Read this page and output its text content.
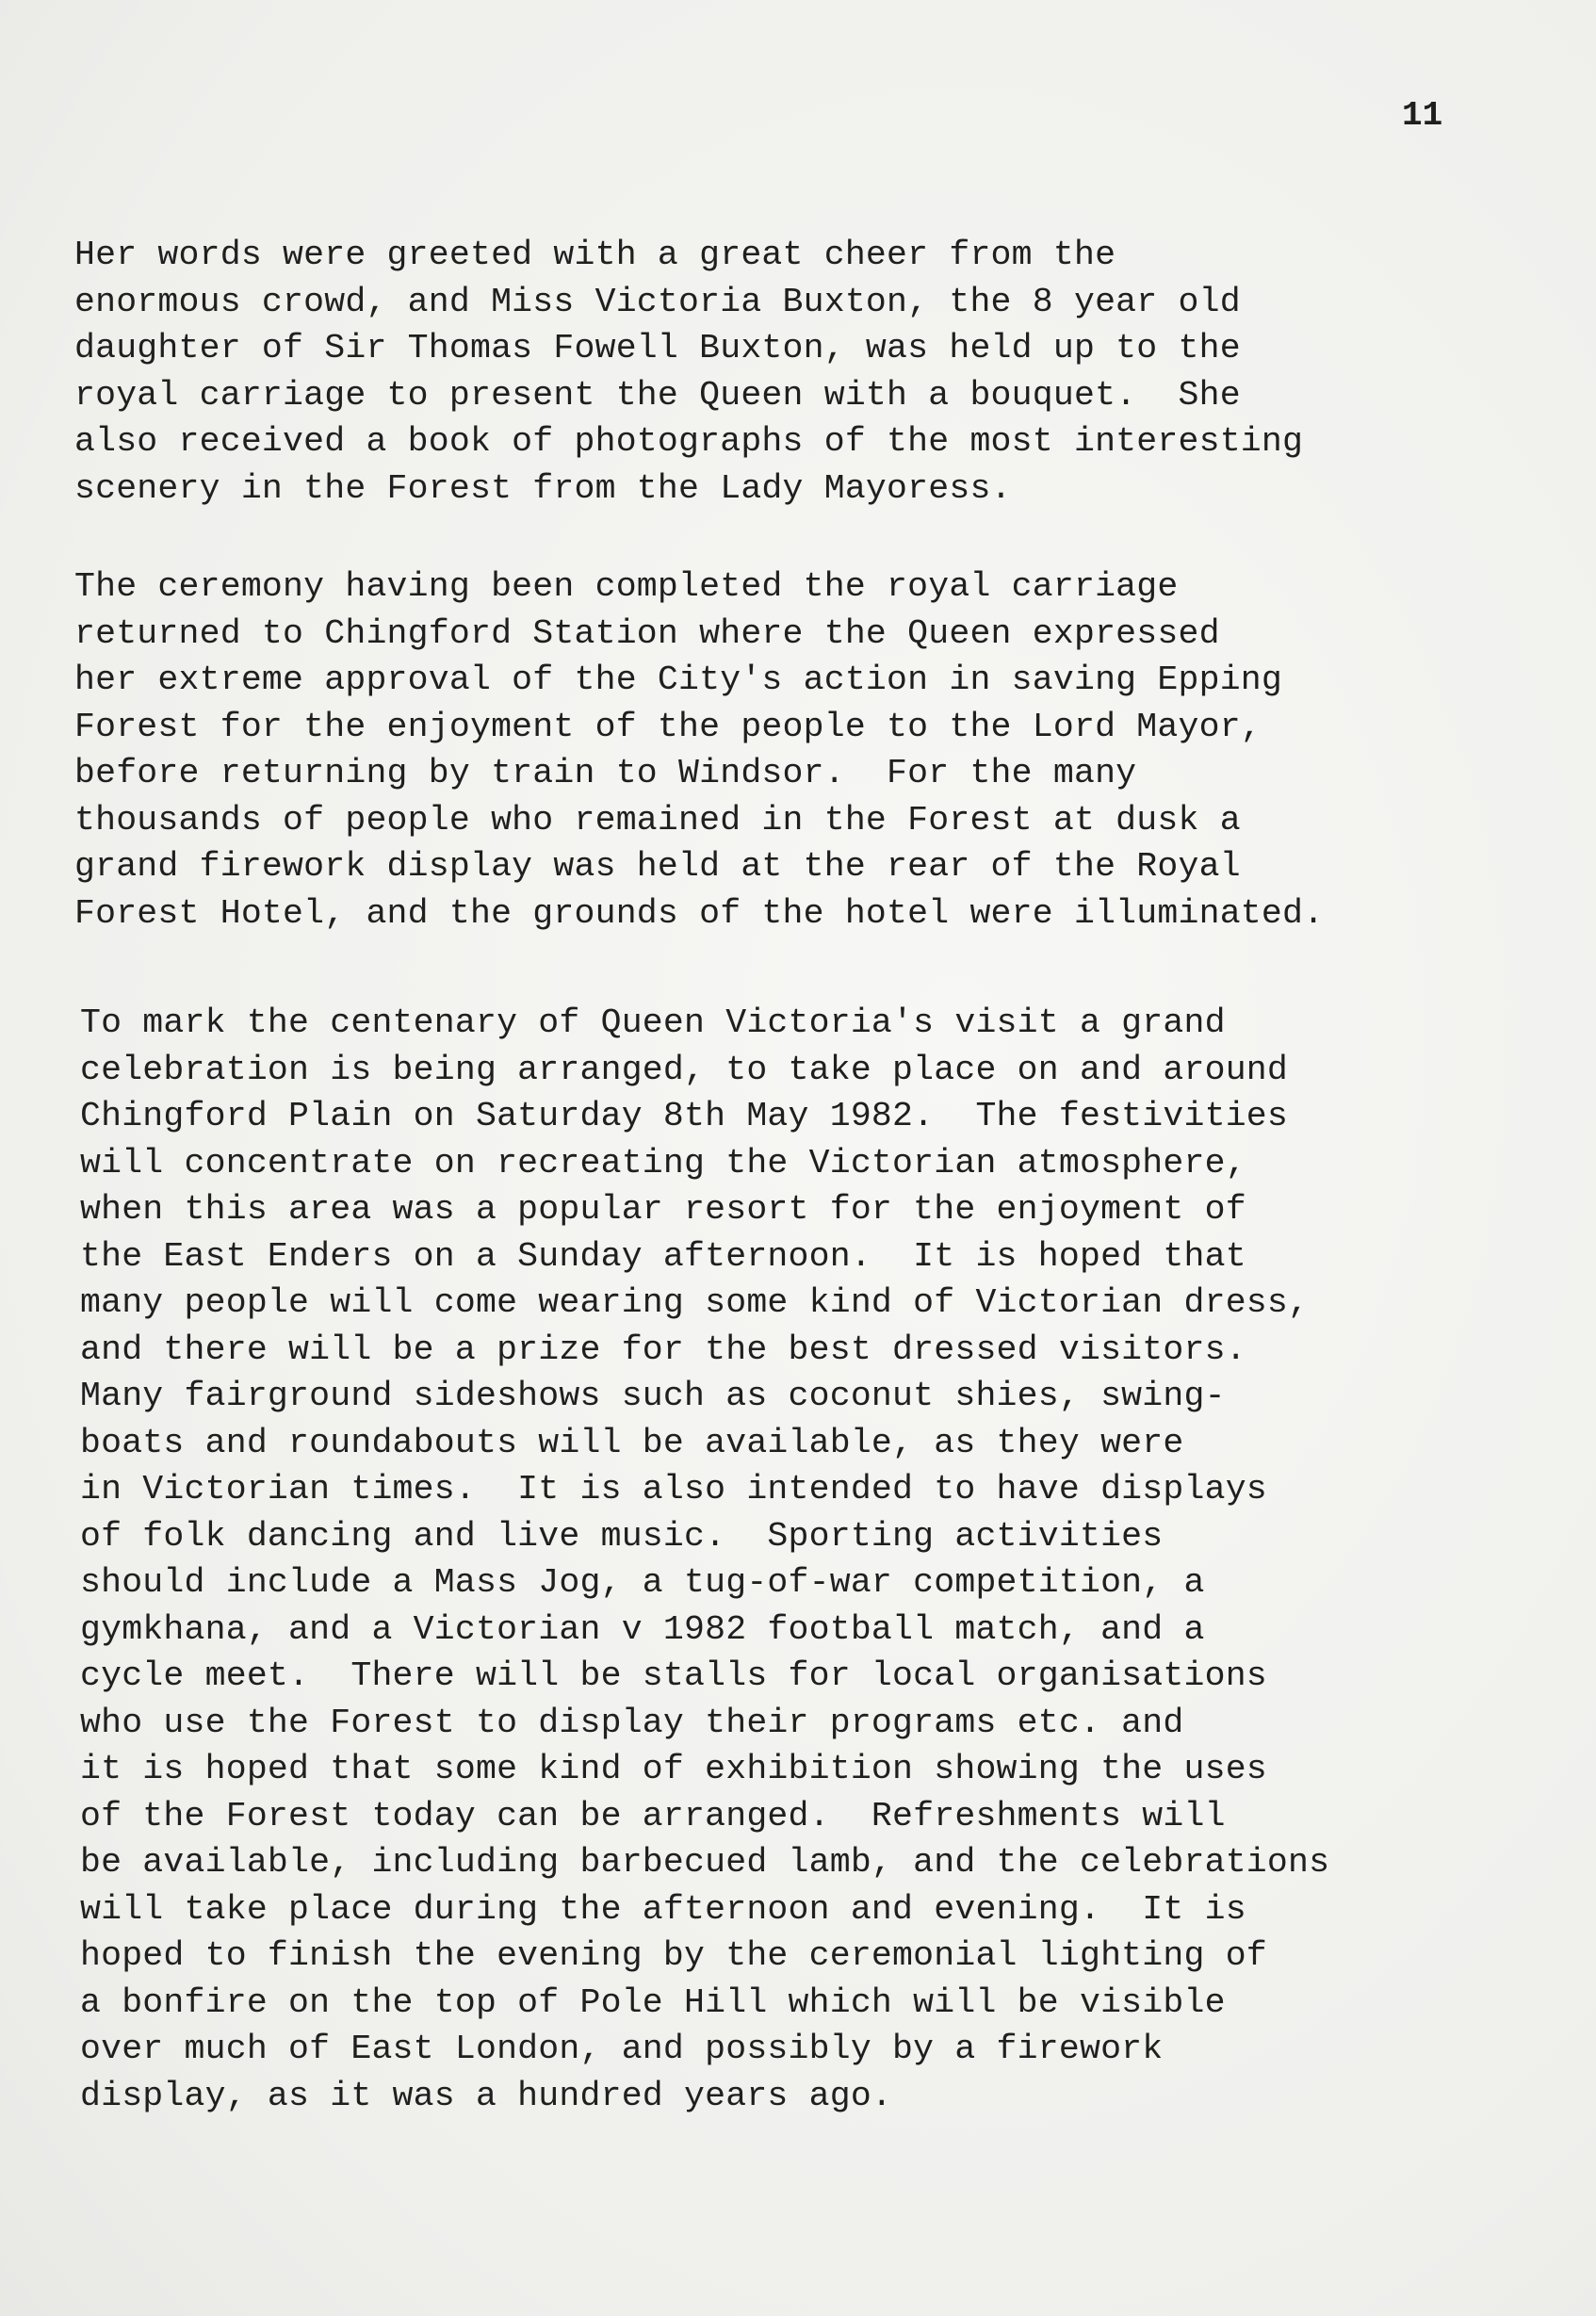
11
Her words were greeted with a great cheer from the
enormous crowd, and Miss Victoria Buxton, the 8 year old
daughter of Sir Thomas Fowell Buxton, was held up to the
royal carriage to present the Queen with a bouquet.  She
also received a book of photographs of the most interesting
scenery in the Forest from the Lady Mayoress.
The ceremony having been completed the royal carriage
returned to Chingford Station where the Queen expressed
her extreme approval of the City's action in saving Epping
Forest for the enjoyment of the people to the Lord Mayor,
before returning by train to Windsor.  For the many
thousands of people who remained in the Forest at dusk a
grand firework display was held at the rear of the Royal
Forest Hotel, and the grounds of the hotel were illuminated.
To mark the centenary of Queen Victoria's visit a grand
celebration is being arranged, to take place on and around
Chingford Plain on Saturday 8th May 1982.  The festivities
will concentrate on recreating the Victorian atmosphere,
when this area was a popular resort for the enjoyment of
the East Enders on a Sunday afternoon.  It is hoped that
many people will come wearing some kind of Victorian dress,
and there will be a prize for the best dressed visitors.
Many fairground sideshows such as coconut shies, swing-
boats and roundabouts will be available, as they were
in Victorian times.  It is also intended to have displays
of folk dancing and live music.  Sporting activities
should include a Mass Jog, a tug-of-war competition, a
gymkhana, and a Victorian v 1982 football match, and a
cycle meet.  There will be stalls for local organisations
who use the Forest to display their programs etc. and
it is hoped that some kind of exhibition showing the uses
of the Forest today can be arranged.  Refreshments will
be available, including barbecued lamb, and the celebrations
will take place during the afternoon and evening.  It is
hoped to finish the evening by the ceremonial lighting of
a bonfire on the top of Pole Hill which will be visible
over much of East London, and possibly by a firework
display, as it was a hundred years ago.
